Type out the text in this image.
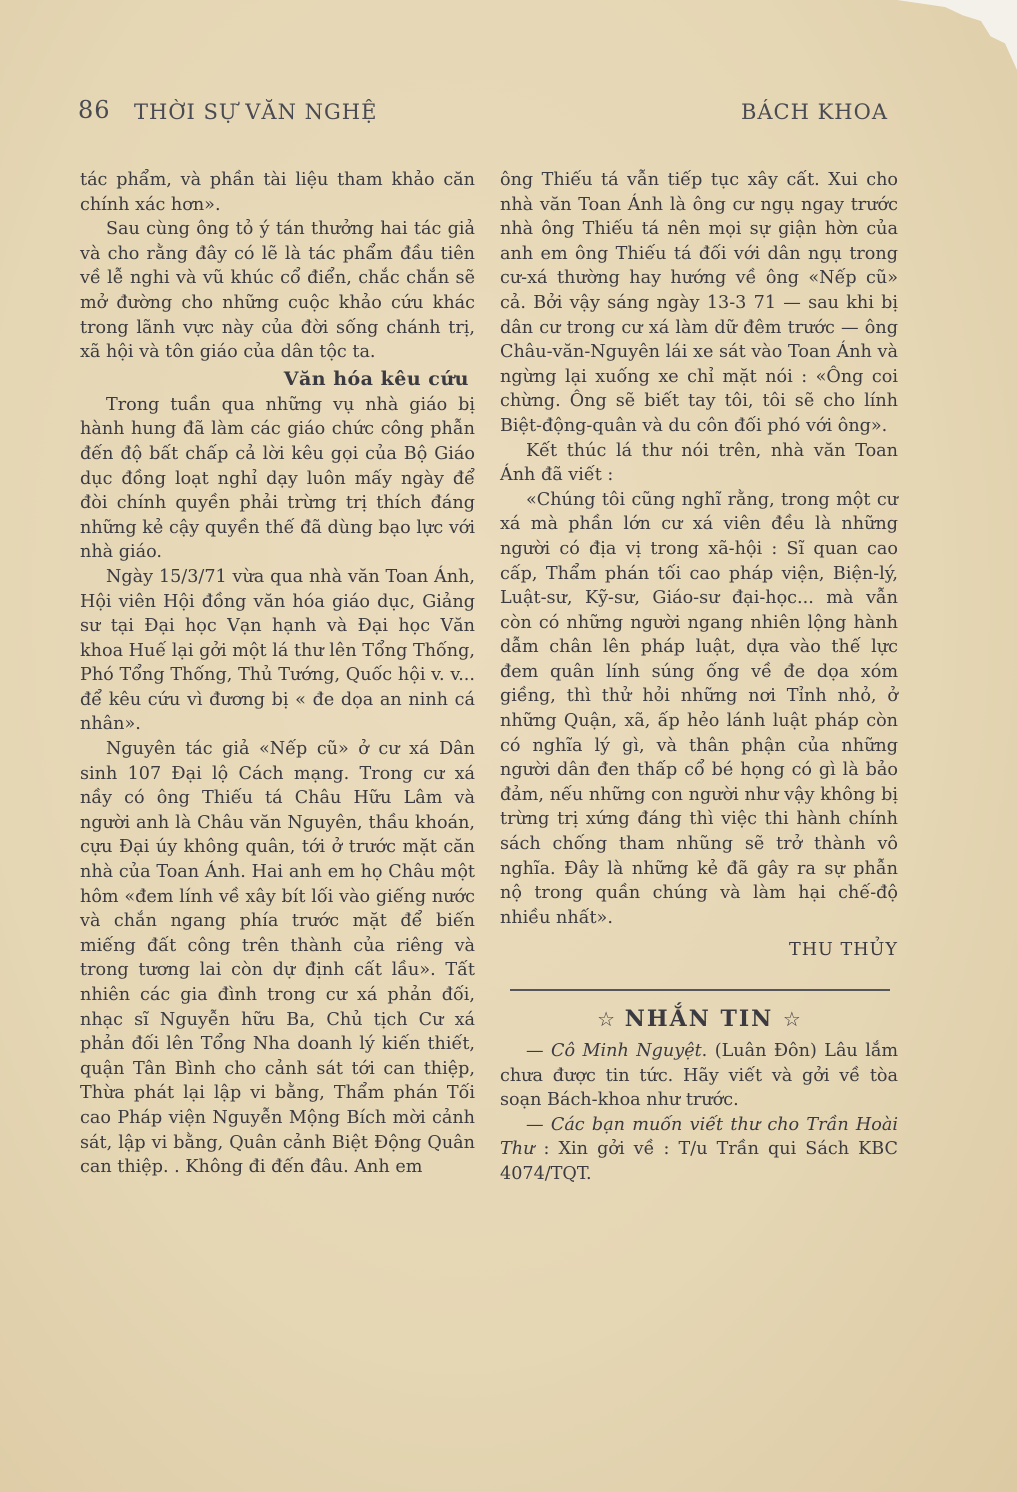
86 THỜI SỰ VĂN NGHỆ	BÁCH KHOA

tác phẩm, và phần tài liệu tham khảo căn chính xác hơn».

Sau cùng ông tỏ ý tán thưởng hai tác giả và cho rằng đây có lẽ là tác phẩm đầu tiên về lễ nghi và vũ khúc cổ điển, chắc chắn sẽ mở đường cho những cuộc khảo cứu khác trong lãnh vực này của đời sống chánh trị, xã hội và tôn giáo của dân tộc ta.

Văn hóa kêu cứu

Trong tuần qua những vụ nhà giáo bị hành hung đã làm các giáo chức công phẫn đến độ bất chấp cả lời kêu gọi của Bộ Giáo dục đồng loạt nghỉ dạy luôn mấy ngày để đòi chính quyền phải trừng trị thích đáng những kẻ cậy quyền thế đã dùng bạo lực với nhà giáo.

Ngày 15/3/71 vừa qua nhà văn Toan Ánh, Hội viên Hội đồng văn hóa giáo dục, Giảng sư tại Đại học Vạn hạnh và Đại học Văn khoa Huế lại gởi một lá thư lên Tổng Thống, Phó Tổng Thống, Thủ Tướng, Quốc hội v. v... để kêu cứu vì đương bị « đe dọa an ninh cá nhân».

Nguyên tác giả «Nếp cũ» ở cư xá Dân sinh 107 Đại lộ Cách mạng. Trong cư xá nầy có ông Thiếu tá Châu Hữu Lâm và người anh là Châu văn Nguyên, thầu khoán, cựu Đại úy không quân, tới ở trước mặt căn nhà của Toan Ánh. Hai anh em họ Châu một hôm «đem lính về xây bít lối vào giếng nước và chắn ngang phía trước mặt để biến miếng đất công trên thành của riêng và trong tương lai còn dự định cất lầu». Tất nhiên các gia đình trong cư xá phản đối, nhạc sĩ Nguyễn hữu Ba, Chủ tịch Cư xá phản đối lên Tổng Nha doanh lý kiến thiết, quận Tân Bình cho cảnh sát tới can thiệp, Thừa phát lại lập vi bằng, Thẩm phán Tối cao Pháp viện Nguyễn Mộng Bích mời cảnh sát, lập vi bằng, Quân cảnh Biệt Động Quân can thiệp. . Không đi đến đâu. Anh em

ông Thiếu tá vẫn tiếp tục xây cất. Xui cho nhà văn Toan Ánh là ông cư ngụ ngay trước nhà ông Thiếu tá nên mọi sự giận hờn của anh em ông Thiếu tá đối với dân ngụ trong cư-xá thường hay hướng về ông «Nếp cũ» cả. Bởi vậy sáng ngày 13-3 71 — sau khi bị dân cư trong cư xá làm dữ đêm trước — ông Châu-văn-Nguyên lái xe sát vào Toan Ánh và ngừng lại xuống xe chỉ mặt nói : «Ông coi chừng. Ông sẽ biết tay tôi, tôi sẽ cho lính Biệt-động-quân và du côn đối phó với ông».

Kết thúc lá thư nói trên, nhà văn Toan Ánh đã viết :

«Chúng tôi cũng nghĩ rằng, trong một cư xá mà phần lớn cư xá viên đều là những người có địa vị trong xã-hội : Sĩ quan cao cấp, Thẩm phán tối cao pháp viện, Biện-lý, Luật-sư, Kỹ-sư, Giáo-sư đại-học... mà vẫn còn có những người ngang nhiên lộng hành dẫm chân lên pháp luật, dựa vào thế lực đem quân lính súng ống về đe dọa xóm giềng, thì thử hỏi những nơi Tỉnh nhỏ, ở những Quận, xã, ấp hẻo lánh luật pháp còn có nghĩa lý gì, và thân phận của những người dân đen thấp cổ bé họng có gì là bảo đảm, nếu những con người như vậy không bị trừng trị xứng đáng thì việc thi hành chính sách chống tham nhũng sẽ trở thành vô nghĩa. Đây là những kẻ đã gây ra sự phẫn nộ trong quần chúng và làm hại chế-độ nhiều nhất».

THU THỦY
☆ NHẮN TIN ☆

— Cô Minh Nguyệt. (Luân Đôn) Lâu lắm chưa được tin tức. Hãy viết và gởi về tòa soạn Bách-khoa như trước.

— Các bạn muốn viết thư cho Trần Hoài Thư : Xin gởi về : T/u Trần qui Sách KBC 4074/TQT.
